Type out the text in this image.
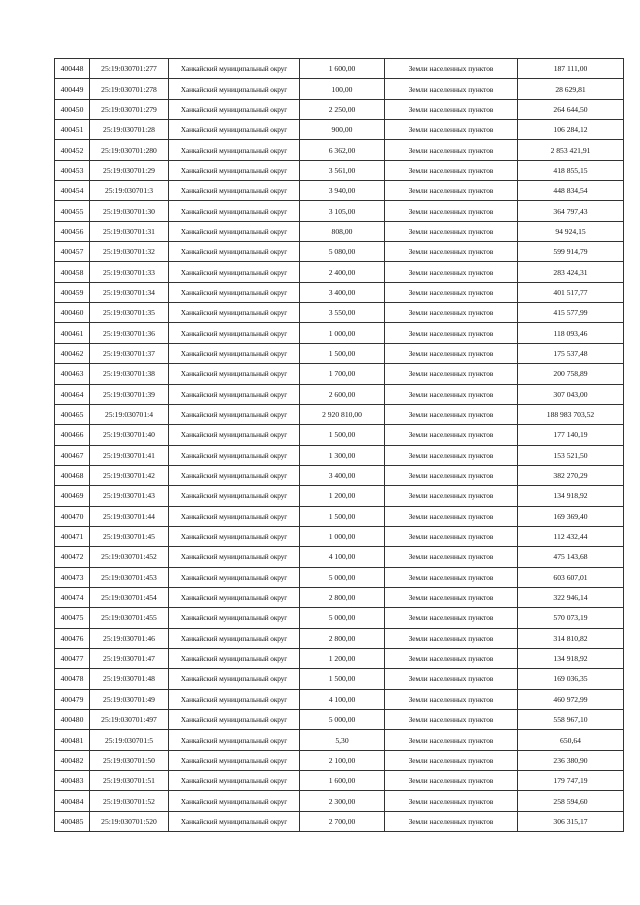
400448	25:19:030701:277	Ханкайский муниципальный округ	1 600,00	Земли населенных пунктов	187 111,00
400449	25:19:030701:278	Ханкайский муниципальный округ	100,00	Земли населенных пунктов	28 629,81
400450	25:19:030701:279	Ханкайский муниципальный округ	2 250,00	Земли населенных пунктов	264 644,50
400451	25:19:030701:28	Ханкайский муниципальный округ	900,00	Земли населенных пунктов	106 284,12
400452	25:19:030701:280	Ханкайский муниципальный округ	6 362,00	Земли населенных пунктов	2 853 421,91
400453	25:19:030701:29	Ханкайский муниципальный округ	3 561,00	Земли населенных пунктов	418 855,15
400454	25:19:030701:3	Ханкайский муниципальный округ	3 940,00	Земли населенных пунктов	448 834,54
400455	25:19:030701:30	Ханкайский муниципальный округ	3 105,00	Земли населенных пунктов	364 797,43
400456	25:19:030701:31	Ханкайский муниципальный округ	808,00	Земли населенных пунктов	94 924,15
400457	25:19:030701:32	Ханкайский муниципальный округ	5 080,00	Земли населенных пунктов	599 914,79
400458	25:19:030701:33	Ханкайский муниципальный округ	2 400,00	Земли населенных пунктов	283 424,31
400459	25:19:030701:34	Ханкайский муниципальный округ	3 400,00	Земли населенных пунктов	401 517,77
400460	25:19:030701:35	Ханкайский муниципальный округ	3 550,00	Земли населенных пунктов	415 577,99
400461	25:19:030701:36	Ханкайский муниципальный округ	1 000,00	Земли населенных пунктов	118 093,46
400462	25:19:030701:37	Ханкайский муниципальный округ	1 500,00	Земли населенных пунктов	175 537,48
400463	25:19:030701:38	Ханкайский муниципальный округ	1 700,00	Земли населенных пунктов	200 758,89
400464	25:19:030701:39	Ханкайский муниципальный округ	2 600,00	Земли населенных пунктов	307 043,00
400465	25:19:030701:4	Ханкайский муниципальный округ	2 920 810,00	Земли населенных пунктов	188 983 703,52
400466	25:19:030701:40	Ханкайский муниципальный округ	1 500,00	Земли населенных пунктов	177 140,19
400467	25:19:030701:41	Ханкайский муниципальный округ	1 300,00	Земли населенных пунктов	153 521,50
400468	25:19:030701:42	Ханкайский муниципальный округ	3 400,00	Земли населенных пунктов	382 270,29
400469	25:19:030701:43	Ханкайский муниципальный округ	1 200,00	Земли населенных пунктов	134 918,92
400470	25:19:030701:44	Ханкайский муниципальный округ	1 500,00	Земли населенных пунктов	169 369,40
400471	25:19:030701:45	Ханкайский муниципальный округ	1 000,00	Земли населенных пунктов	112 432,44
400472	25:19:030701:452	Ханкайский муниципальный округ	4 100,00	Земли населенных пунктов	475 143,68
400473	25:19:030701:453	Ханкайский муниципальный округ	5 000,00	Земли населенных пунктов	603 607,01
400474	25:19:030701:454	Ханкайский муниципальный округ	2 800,00	Земли населенных пунктов	322 946,14
400475	25:19:030701:455	Ханкайский муниципальный округ	5 000,00	Земли населенных пунктов	570 073,19
400476	25:19:030701:46	Ханкайский муниципальный округ	2 800,00	Земли населенных пунктов	314 810,82
400477	25:19:030701:47	Ханкайский муниципальный округ	1 200,00	Земли населенных пунктов	134 918,92
400478	25:19:030701:48	Ханкайский муниципальный округ	1 500,00	Земли населенных пунктов	169 036,35
400479	25:19:030701:49	Ханкайский муниципальный округ	4 100,00	Земли населенных пунктов	460 972,99
400480	25:19:030701:497	Ханкайский муниципальный округ	5 000,00	Земли населенных пунктов	558 967,10
400481	25:19:030701:5	Ханкайский муниципальный округ	5,30	Земли населенных пунктов	650,64
400482	25:19:030701:50	Ханкайский муниципальный округ	2 100,00	Земли населенных пунктов	236 380,90
400483	25:19:030701:51	Ханкайский муниципальный округ	1 600,00	Земли населенных пунктов	179 747,19
400484	25:19:030701:52	Ханкайский муниципальный округ	2 300,00	Земли населенных пунктов	258 594,60
400485	25:19:030701:520	Ханкайский муниципальный округ	2 700,00	Земли населенных пунктов	306 315,17
